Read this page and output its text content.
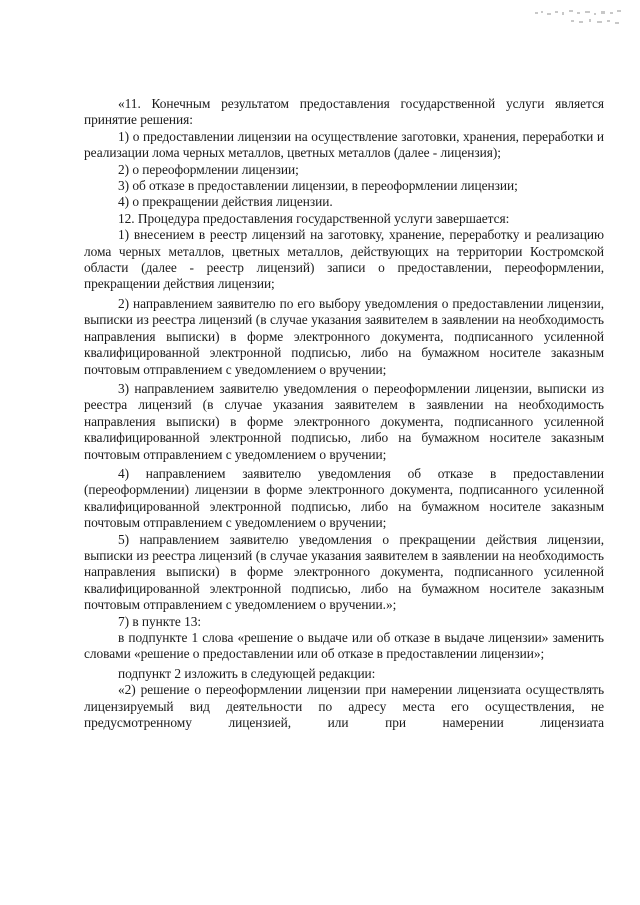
«11. Конечным результатом предоставления государственной услуги является принятие решения:

1) о предоставлении лицензии на осуществление заготовки, хранения, переработки и реализации лома черных металлов, цветных металлов (далее - лицензия);

2) о переоформлении лицензии;

3) об отказе в предоставлении лицензии, в переоформлении лицензии;

4) о прекращении действия лицензии.

12. Процедура предоставления государственной услуги завершается:

1) внесением в реестр лицензий на заготовку, хранение, переработку и реализацию лома черных металлов, цветных металлов, действующих на территории Костромской области (далее - реестр лицензий) записи о предоставлении, переоформлении, прекращении действия лицензии;

2) направлением заявителю по его выбору уведомления о предоставлении лицензии, выписки из реестра лицензий (в случае указания заявителем в заявлении на необходимость направления выписки) в форме электронного документа, подписанного усиленной квалифицированной электронной подписью, либо на бумажном носителе заказным почтовым отправлением с уведомлением о вручении;

3) направлением заявителю уведомления о переоформлении лицензии, выписки из реестра лицензий (в случае указания заявителем в заявлении на необходимость направления выписки) в форме электронного документа, подписанного усиленной квалифицированной электронной подписью, либо на бумажном носителе заказным почтовым отправлением с уведомлением о вручении;

4) направлением заявителю уведомления об отказе в предоставлении (переоформлении) лицензии в форме электронного документа, подписанного усиленной квалифицированной электронной подписью, либо на бумажном носителе заказным почтовым отправлением с уведомлением о вручении;

5) направлением заявителю уведомления о прекращении действия лицензии, выписки из реестра лицензий (в случае указания заявителем в заявлении на необходимость направления выписки) в форме электронного документа, подписанного усиленной квалифицированной электронной подписью, либо на бумажном носителе заказным почтовым отправлением с уведомлением о вручении.»;

7) в пункте 13:

в подпункте 1 слова «решение о выдаче или об отказе в выдаче лицензии» заменить словами «решение о предоставлении или об отказе в предоставлении лицензии»;

подпункт 2 изложить в следующей редакции:

«2) решение о переоформлении лицензии при намерении лицензиата осуществлять лицензируемый вид деятельности по адресу места его осуществления, не предусмотренному лицензией, или при намерении лицензиата
